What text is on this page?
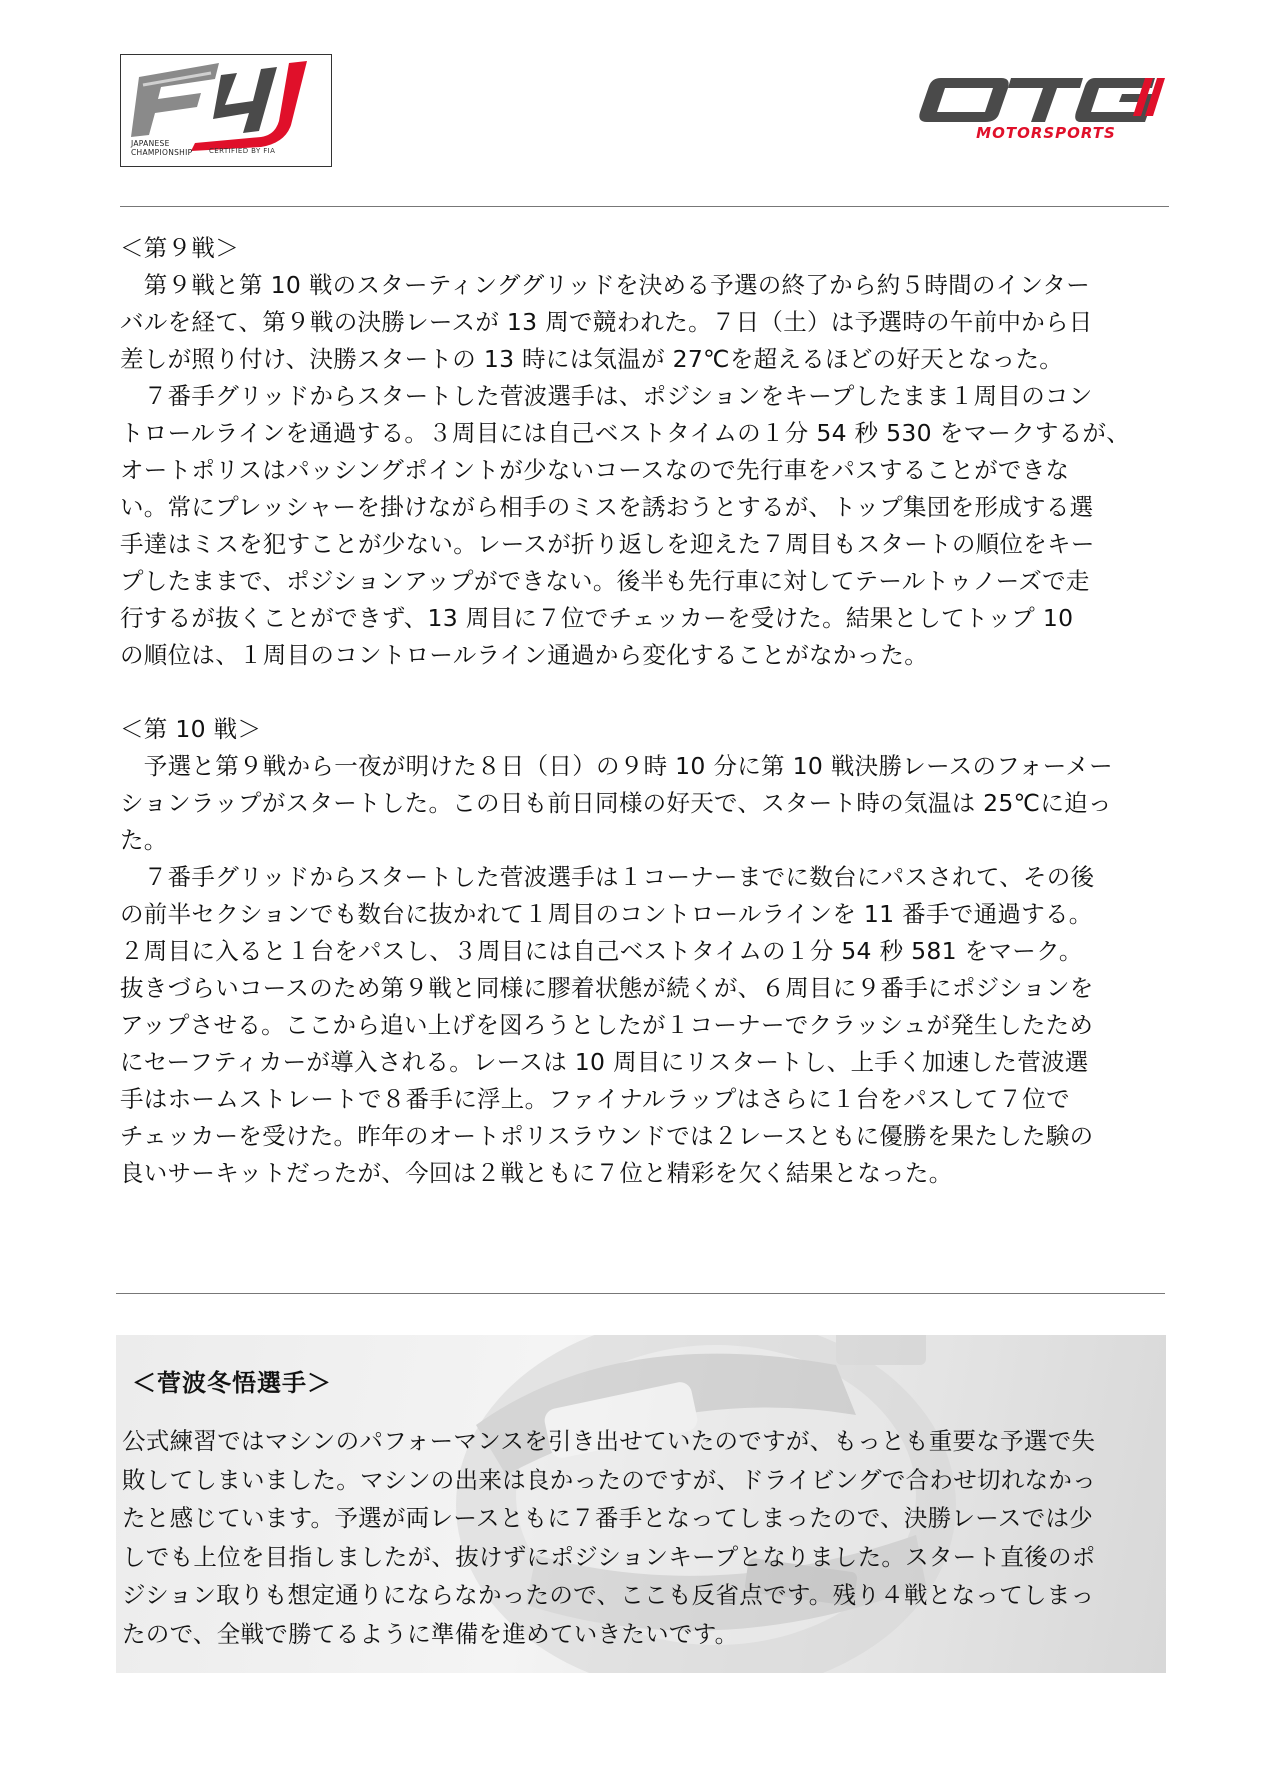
JAPANESE
CHAMPIONSHIP CERTIFIED BY FIA
MOTORSPORTS

＜第９戦＞

　第９戦と第 10 戦のスターティンググリッドを決める予選の終了から約５時間のインター

バルを経て、第９戦の決勝レースが 13 周で競われた。７日（土）は予選時の午前中から日

差しが照り付け、決勝スタートの 13 時には気温が 27℃を超えるほどの好天となった。

　７番手グリッドからスタートした菅波選手は、ポジションをキープしたまま１周目のコン

トロールラインを通過する。３周目には自己ベストタイムの１分 54 秒 530 をマークするが、

オートポリスはパッシングポイントが少ないコースなので先行車をパスすることができな

い。常にプレッシャーを掛けながら相手のミスを誘おうとするが、トップ集団を形成する選

手達はミスを犯すことが少ない。レースが折り返しを迎えた７周目もスタートの順位をキー

プしたままで、ポジションアップができない。後半も先行車に対してテールトゥノーズで走

行するが抜くことができず、13 周目に７位でチェッカーを受けた。結果としてトップ 10

の順位は、１周目のコントロールライン通過から変化することがなかった。

＜第 10 戦＞

　予選と第９戦から一夜が明けた８日（日）の９時 10 分に第 10 戦決勝レースのフォーメー

ションラップがスタートした。この日も前日同様の好天で、スタート時の気温は 25℃に迫っ

た。

　７番手グリッドからスタートした菅波選手は１コーナーまでに数台にパスされて、その後

の前半セクションでも数台に抜かれて１周目のコントロールラインを 11 番手で通過する。

２周目に入ると１台をパスし、３周目には自己ベストタイムの１分 54 秒 581 をマーク。

抜きづらいコースのため第９戦と同様に膠着状態が続くが、６周目に９番手にポジションを

アップさせる。ここから追い上げを図ろうとしたが１コーナーでクラッシュが発生したため

にセーフティカーが導入される。レースは 10 周目にリスタートし、上手く加速した菅波選

手はホームストレートで８番手に浮上。ファイナルラップはさらに１台をパスして７位で

チェッカーを受けた。昨年のオートポリスラウンドでは２レースともに優勝を果たした験の

良いサーキットだったが、今回は２戦ともに７位と精彩を欠く結果となった。

＜菅波冬悟選手＞
公式練習ではマシンのパフォーマンスを引き出せていたのですが、もっとも重要な予選で失
敗してしまいました。マシンの出来は良かったのですが、ドライビングで合わせ切れなかっ
たと感じています。予選が両レースともに７番手となってしまったので、決勝レースでは少
しでも上位を目指しましたが、抜けずにポジションキープとなりました。スタート直後のポ
ジション取りも想定通りにならなかったので、ここも反省点です。残り４戦となってしまっ
たので、全戦で勝てるように準備を進めていきたいです。
